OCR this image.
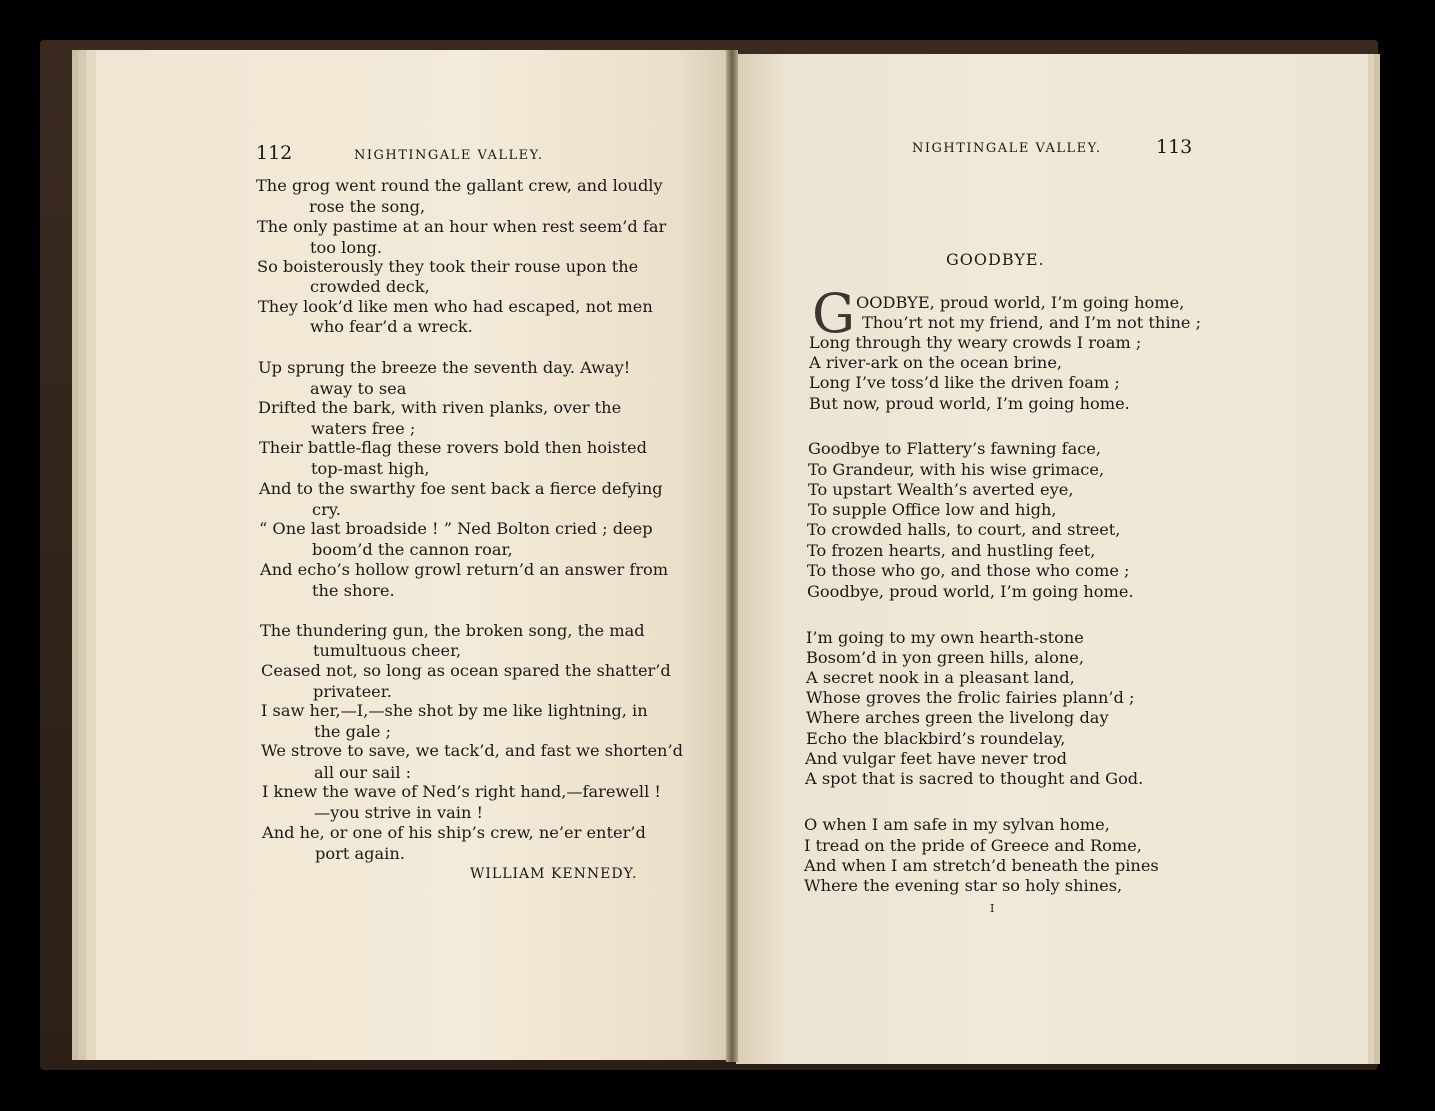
112	NIGHTINGALE VALLEY.
The grog went round the gallant crew, and loudly
rose the song,
The only pastime at an hour when rest seem’d far
too long.
So boisterously they took their rouse upon the
crowded deck,
They look’d like men who had escaped, not men
who fear’d a wreck.
Up sprung the breeze the seventh day. Away!
away to sea
Drifted the bark, with riven planks, over the
waters free ;
Their battle-flag these rovers bold then hoisted
top-mast high,
And to the swarthy foe sent back a fierce defying
cry.
“ One last broadside ! ” Ned Bolton cried ; deep
boom’d the cannon roar,
And echo’s hollow growl return’d an answer from
the shore.
The thundering gun, the broken song, the mad
tumultuous cheer,
Ceased not, so long as ocean spared the shatter’d
privateer.
I saw her,—I,—she shot by me like lightning, in
the gale ;
We strove to save, we tack’d, and fast we shorten’d
all our sail :
I knew the wave of Ned’s right hand,—farewell !
—you strive in vain !
And he, or one of his ship’s crew, ne’er enter’d
port again.
WILLIAM KENNEDY.
NIGHTINGALE VALLEY.	113
GOODBYE.
G OODBYE, proud world, I’m going home,
Thou’rt not my friend, and I’m not thine ;
Long through thy weary crowds I roam ;
A river-ark on the ocean brine,
Long I’ve toss’d like the driven foam ;
But now, proud world, I’m going home.
Goodbye to Flattery’s fawning face,
To Grandeur, with his wise grimace,
To upstart Wealth’s averted eye,
To supple Office low and high,
To crowded halls, to court, and street,
To frozen hearts, and hustling feet,
To those who go, and those who come ;
Goodbye, proud world, I’m going home.
I’m going to my own hearth-stone
Bosom’d in yon green hills, alone,
A secret nook in a pleasant land,
Whose groves the frolic fairies plann’d ;
Where arches green the livelong day
Echo the blackbird’s roundelay,
And vulgar feet have never trod
A spot that is sacred to thought and God.
O when I am safe in my sylvan home,
I tread on the pride of Greece and Rome,
And when I am stretch’d beneath the pines
Where the evening star so holy shines,
I
